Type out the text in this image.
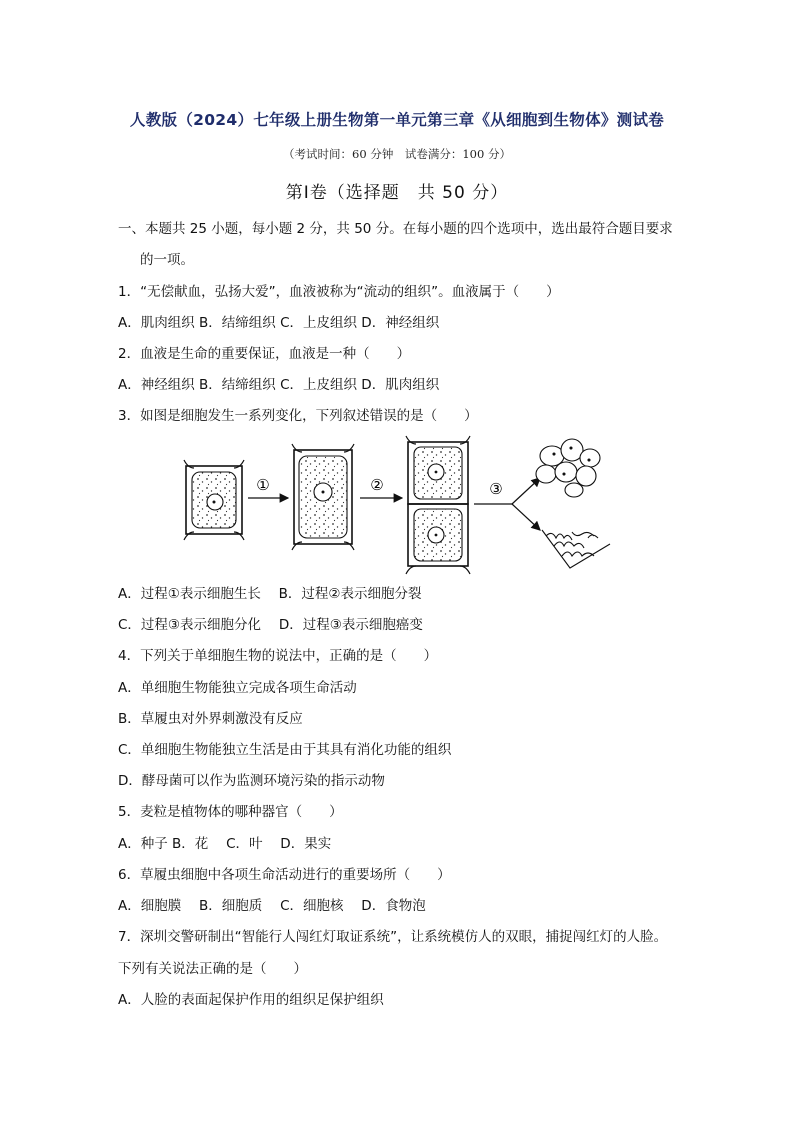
人教版（2024）七年级上册生物第一单元第三章《从细胞到生物体》测试卷
（考试时间：60 分钟　试卷满分：100 分）
第Ⅰ卷（选择题　共 50 分）
一、本题共 25 小题，每小题 2 分，共 50 分。在每小题的四个选项中，选出最符合题目要求
的一项。
1．“无偿献血，弘扬大爱”，血液被称为“流动的组织”。血液属于（　　）
A．肌肉组织 B．结缔组织 C．上皮组织 D．神经组织
2．血液是生命的重要保证，血液是一种（　　）
A．神经组织 B．结缔组织 C．上皮组织 D．肌肉组织
3．如图是细胞发生一系列变化，下列叙述错误的是（　　）
①	②	③
A．过程①表示细胞生长　 B．过程②表示细胞分裂
C．过程③表示细胞分化　 D．过程③表示细胞癌变
4．下列关于单细胞生物的说法中，正确的是（　　）
A．单细胞生物能独立完成各项生命活动
B．草履虫对外界刺激没有反应
C．单细胞生物能独立生活是由于其具有消化功能的组织
D．酵母菌可以作为监测环境污染的指示动物
5．麦粒是植物体的哪种器官（　　）
A．种子 B．花　 C．叶　 D．果实
6．草履虫细胞中各项生命活动进行的重要场所（　　）
A．细胞膜　 B．细胞质　 C．细胞核　 D．食物泡
7．深圳交警研制出“智能行人闯红灯取证系统”，让系统模仿人的双眼，捕捉闯红灯的人脸。
下列有关说法正确的是（　　）
A．人脸的表面起保护作用的组织足保护组织
